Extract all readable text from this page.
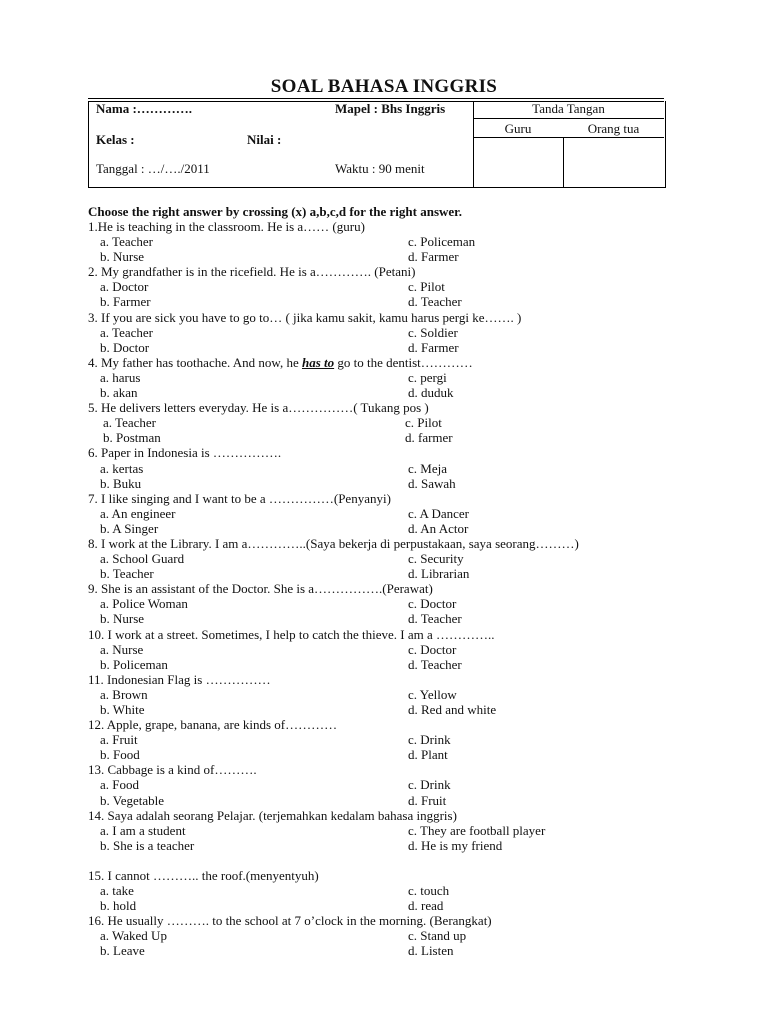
SOAL BAHASA INGGRIS
Nama :………….	Mapel : Bhs Inggris	Tanda Tangan
Guru	Orang tua
Kelas :	Nilai :
Tanggal : …/…./2011	Waktu : 90 menit
Choose the right answer by crossing (x) a,b,c,d for the right answer.
1.He is teaching in the classroom. He is a…… (guru)
a. Teacher	c. Policeman
b. Nurse	d. Farmer
2. My grandfather is in the ricefield. He is a…………. (Petani)
a. Doctor	c. Pilot
b. Farmer	d. Teacher
3. If you are sick you have to go to… ( jika kamu sakit, kamu harus pergi ke……. )
a. Teacher	c. Soldier
b. Doctor	d. Farmer
4. My father has toothache. And now, he has to go to the dentist…………
a. harus	c. pergi
b. akan	d. duduk
5. He delivers letters everyday. He is a……………( Tukang pos )
a. Teacher	c. Pilot
b. Postman	d. farmer
6. Paper in Indonesia is …………….
a. kertas	c. Meja
b. Buku	d. Sawah
7. I like singing and I want to be a ……………(Penyanyi)
a. An engineer	c. A Dancer
b. A Singer	d. An Actor
8. I work at the Library. I am a…………..(Saya bekerja di perpustakaan, saya seorang………)
a. School Guard	c. Security
b. Teacher	d. Librarian
9. She is an assistant of the Doctor. She is a…………….(Perawat)
a. Police Woman	c. Doctor
b. Nurse	d. Teacher
10. I work at a street. Sometimes, I help to catch the thieve. I am a …………..
a. Nurse	c. Doctor
b. Policeman	d. Teacher
11. Indonesian Flag is ……………
a. Brown	c. Yellow
b. White	d. Red and white
12. Apple, grape, banana, are kinds of…………
a. Fruit	c. Drink
b. Food	d. Plant
13. Cabbage is a kind of……….
a. Food	c. Drink
b. Vegetable	d. Fruit
14. Saya adalah seorang Pelajar. (terjemahkan kedalam bahasa inggris)
a. I am a student	c. They are football player
b. She is a teacher	d. He is my friend
15. I cannot ……….. the roof.(menyentyuh)
a. take	c. touch
b. hold	d. read
16. He usually ………. to the school at 7 o’clock in the morning. (Berangkat)
a. Waked Up	c. Stand up
b. Leave	d. Listen
